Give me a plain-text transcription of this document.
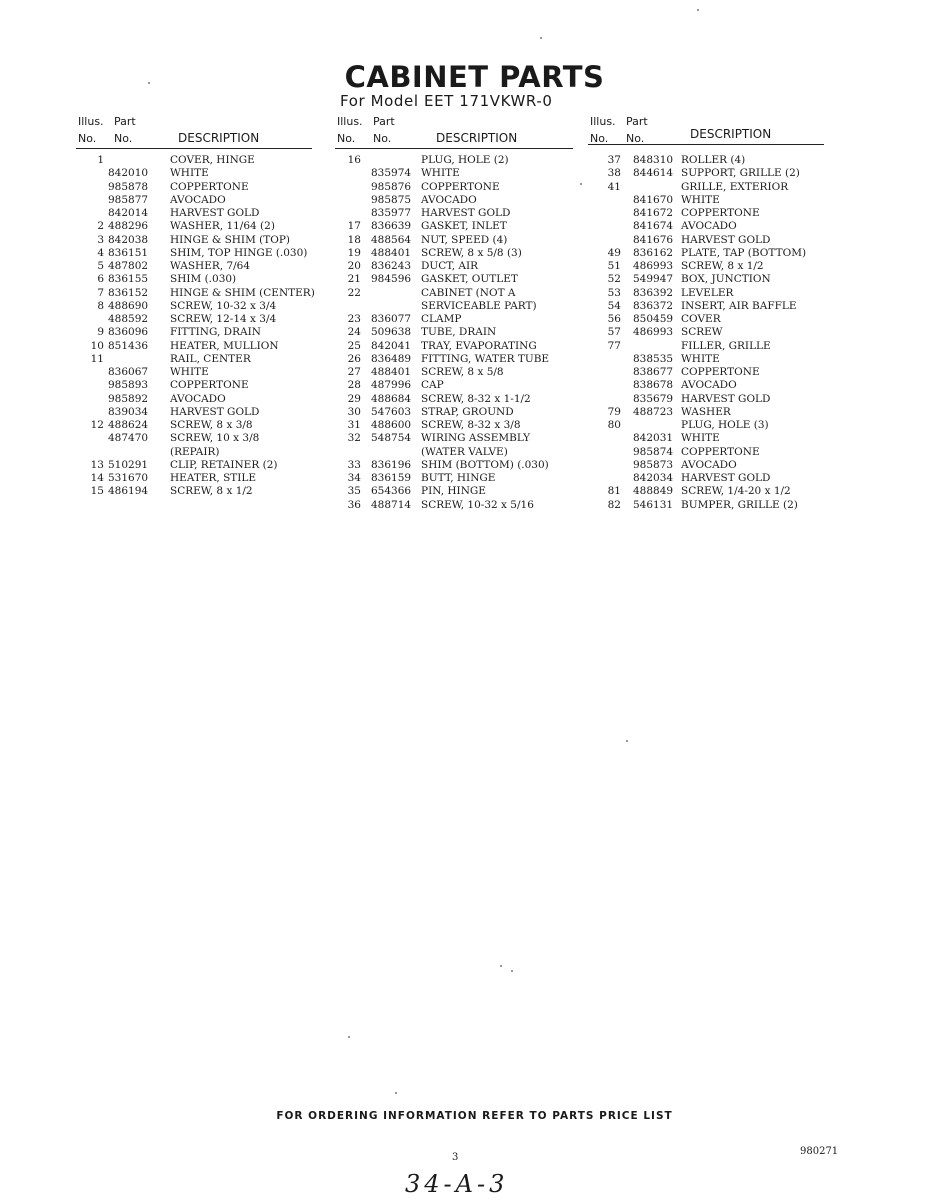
CABINET PARTS
For Model EET 171VKWR-0
Illus. Part
No. No.	DESCRIPTION
1	COVER, HINGE
842010 WHITE
985878 COPPERTONE
985877 AVOCADO
842014 HARVEST GOLD
2 488296 WASHER, 11/64 (2)
3 842038 HINGE & SHIM (TOP)
4 836151 SHIM, TOP HINGE (.030)
5 487802 WASHER, 7/64
6 836155 SHIM (.030)
7 836152 HINGE & SHIM (CENTER)
8 488690 SCREW, 10-32 x 3/4
488592 SCREW, 12-14 x 3/4
9 836096 FITTING, DRAIN
10 851436 HEATER, MULLION
11	RAIL, CENTER
836067 WHITE
985893 COPPERTONE
985892 AVOCADO
839034 HARVEST GOLD
12 488624 SCREW, 8 x 3/8
487470 SCREW, 10 x 3/8
(REPAIR)
13 510291 CLIP, RETAINER (2)
14 531670 HEATER, STILE
15 486194 SCREW, 8 x 1/2
Illus. Part
No. No.	DESCRIPTION
16	PLUG, HOLE (2)
835974 WHITE
985876 COPPERTONE
985875 AVOCADO
835977 HARVEST GOLD
17 836639 GASKET, INLET
18 488564 NUT, SPEED (4)
19 488401 SCREW, 8 x 5/8 (3)
20 836243 DUCT, AIR
21 984596 GASKET, OUTLET
22	CABINET (NOT A
SERVICEABLE PART)
23 836077 CLAMP
24 509638 TUBE, DRAIN
25 842041 TRAY, EVAPORATING
26 836489 FITTING, WATER TUBE
27 488401 SCREW, 8 x 5/8
28 487996 CAP
29 488684 SCREW, 8-32 x 1-1/2
30 547603 STRAP, GROUND
31 488600 SCREW, 8-32 x 3/8
32 548754 WIRING ASSEMBLY
(WATER VALVE)
33 836196 SHIM (BOTTOM) (.030)
34 836159 BUTT, HINGE
35 654366 PIN, HINGE
36 488714 SCREW, 10-32 x 5/16
Illus. Part
No. No.	DESCRIPTION
37 848310 ROLLER (4)
38 844614 SUPPORT, GRILLE (2)
41	GRILLE, EXTERIOR
841670 WHITE
841672 COPPERTONE
841674 AVOCADO
841676 HARVEST GOLD
49 836162 PLATE, TAP (BOTTOM)
51 486993 SCREW, 8 x 1/2
52 549947 BOX, JUNCTION
53 836392 LEVELER
54 836372 INSERT, AIR BAFFLE
56 850459 COVER
57 486993 SCREW
77	FILLER, GRILLE
838535 WHITE
838677 COPPERTONE
838678 AVOCADO
835679 HARVEST GOLD
79 488723 WASHER
80	PLUG, HOLE (3)
842031 WHITE
985874 COPPERTONE
985873 AVOCADO
842034 HARVEST GOLD
81 488849 SCREW, 1/4-20 x 1/2
82 546131 BUMPER, GRILLE (2)
FOR ORDERING INFORMATION REFER TO PARTS PRICE LIST
3
980271
34-A-3
